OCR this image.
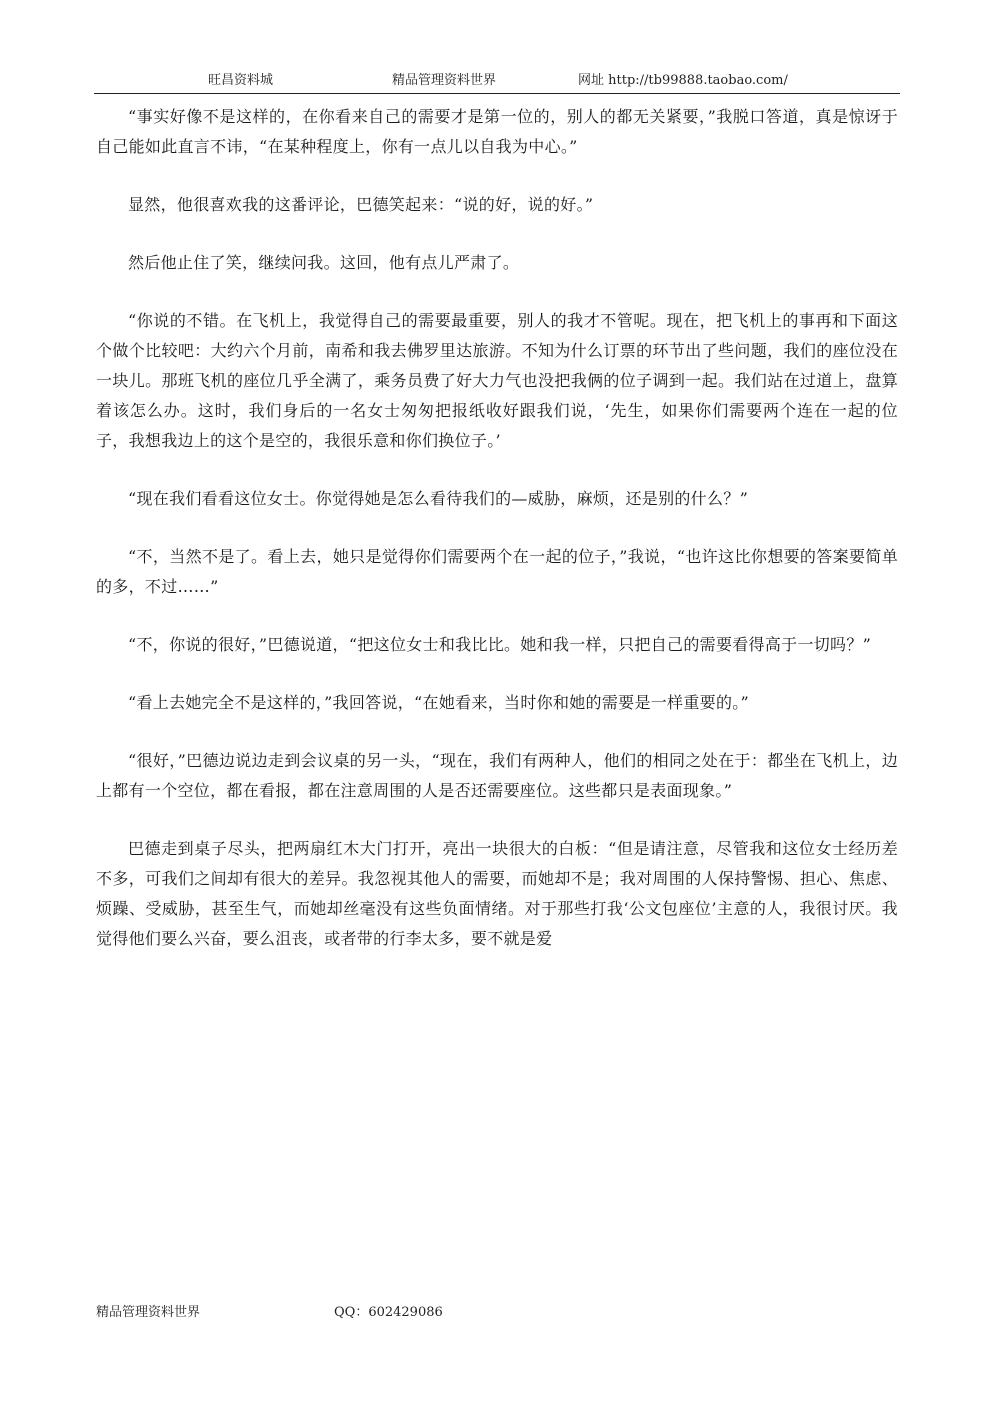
旺昌资料城	精品管理资料世界	网址 http://tb99888.taobao.com/

“事实好像不是这样的，在你看来自己的需要才是第一位的，别人的都无关紧要，”我脱口答道，真是惊讶于自己能如此直言不讳，“在某种程度上，你有一点儿以自我为中心。”

显然，他很喜欢我的这番评论，巴德笑起来：“说的好，说的好。”

然后他止住了笑，继续问我。这回，他有点儿严肃了。

“你说的不错。在飞机上，我觉得自己的需要最重要，别人的我才不管呢。现在，把飞机上的事再和下面这个做个比较吧：大约六个月前，南希和我去佛罗里达旅游。不知为什么订票的环节出了些问题，我们的座位没在一块儿。那班飞机的座位几乎全满了，乘务员费了好大力气也没把我俩的位子调到一起。我们站在过道上，盘算着该怎么办。这时，我们身后的一名女士匆匆把报纸收好跟我们说，‘先生，如果你们需要两个连在一起的位子，我想我边上的这个是空的，我很乐意和你们换位子。’

“现在我们看看这位女士。你觉得她是怎么看待我们的—威胁，麻烦，还是别的什么？”

“不，当然不是了。看上去，她只是觉得你们需要两个在一起的位子，”我说，“也许这比你想要的答案要简单的多，不过……”

“不，你说的很好，”巴德说道，“把这位女士和我比比。她和我一样，只把自己的需要看得高于一切吗？”

“看上去她完全不是这样的，”我回答说，“在她看来，当时你和她的需要是一样重要的。”

“很好，”巴德边说边走到会议桌的另一头，“现在，我们有两种人，他们的相同之处在于：都坐在飞机上，边上都有一个空位，都在看报，都在注意周围的人是否还需要座位。这些都只是表面现象。”

巴德走到桌子尽头，把两扇红木大门打开，亮出一块很大的白板：“但是请注意，尽管我和这位女士经历差不多，可我们之间却有很大的差异。我忽视其他人的需要，而她却不是；我对周围的人保持警惕、担心、焦虑、烦躁、受威胁，甚至生气，而她却丝毫没有这些负面情绪。对于那些打我‘公文包座位’主意的人，我很讨厌。我觉得他们要么兴奋，要么沮丧，或者带的行李太多，要不就是爱

精品管理资料世界	QQ：602429086
